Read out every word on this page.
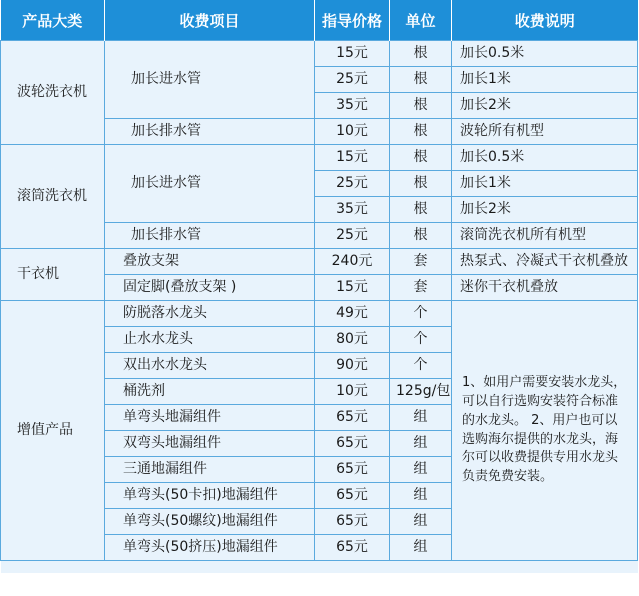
产品大类	收费项目	指导价格	单位	收费说明
波轮洗衣机	加长进水管	15元	根	加长0.5米
		25元	根	加长1米
		35元	根	加长2米
	加长排水管	10元	根	波轮所有机型
滚筒洗衣机	加长进水管	15元	根	加长0.5米
		25元	根	加长1米
		35元	根	加长2米
	加长排水管	25元	根	滚筒洗衣机所有机型
干衣机	叠放支架	240元	套	热泵式、冷凝式干衣机叠放
	固定脚(叠放支架 )	15元	套	迷你干衣机叠放
增值产品	防脱落水龙头	49元	个	1、如用户需要安装水龙头，可以自行选购安装符合标准的水龙头。 2、用户也可以选购海尔提供的水龙头，海尔可以收费提供专用水龙头负责免费安装。
	止水水龙头	80元	个	
	双出水水龙头	90元	个	
	桶洗剂	10元	125g/包	
	单弯头地漏组件	65元	组	
	双弯头地漏组件	65元	组	
	三通地漏组件	65元	组	
	单弯头(50卡扣)地漏组件	65元	组	
	单弯头(50螺纹)地漏组件	65元	组	
	单弯头(50挤压)地漏组件	65元	组	
